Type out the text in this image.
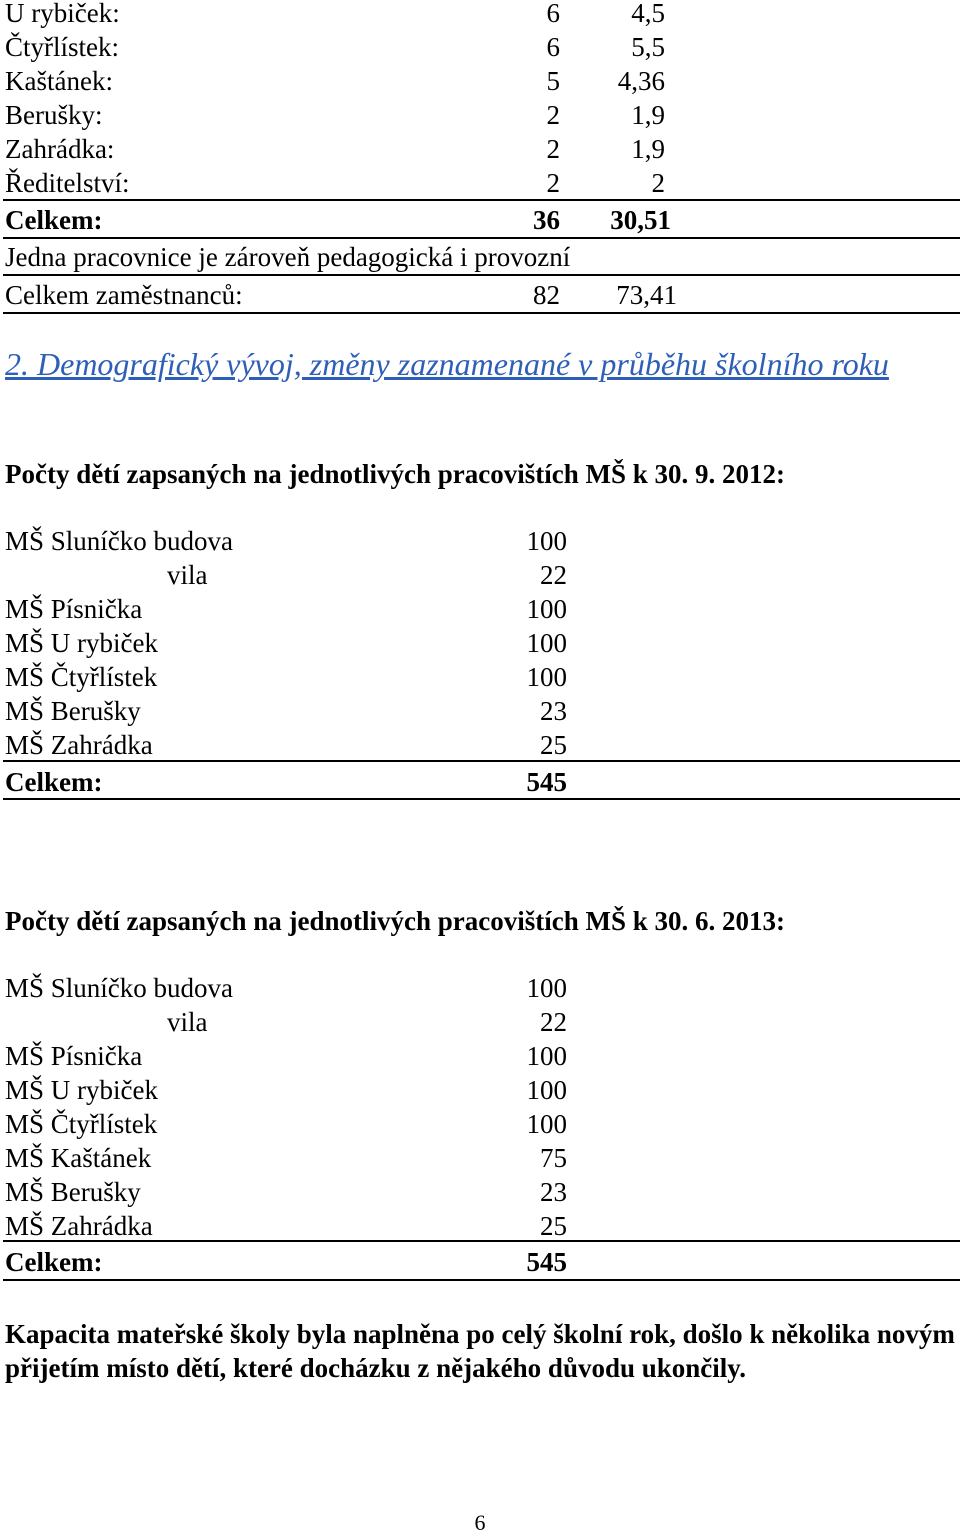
U rybiček:	6	4,5
Čtyřlístek:	6	5,5
Kaštánek:	5	4,36
Berušky:	2	1,9
Zahrádka:	2	1,9
Ředitelství:	2	2
Celkem:	36	30,51
Jedna pracovnice je zároveň pedagogická i provozní
Celkem zaměstnanců:	82	73,41
2. Demografický vývoj, změny zaznamenané v průběhu školního roku
Počty dětí zapsaných na jednotlivých pracovištích MŠ k 30. 9. 2012:
MŠ Sluníčko budova	100
vila	22
MŠ Písnička	100
MŠ U rybiček	100
MŠ Čtyřlístek	100
MŠ Berušky	23
MŠ Zahrádka	25
Celkem:	545
Počty dětí zapsaných na jednotlivých pracovištích MŠ k 30. 6. 2013:
MŠ Sluníčko budova	100
vila	22
MŠ Písnička	100
MŠ U rybiček	100
MŠ Čtyřlístek	100
MŠ Kaštánek	75
MŠ Berušky	23
MŠ Zahrádka	25
Celkem:	545
Kapacita mateřské školy byla naplněna po celý školní rok, došlo k několika novým přijetím místo dětí, které docházku z nějakého důvodu ukončily.
6
